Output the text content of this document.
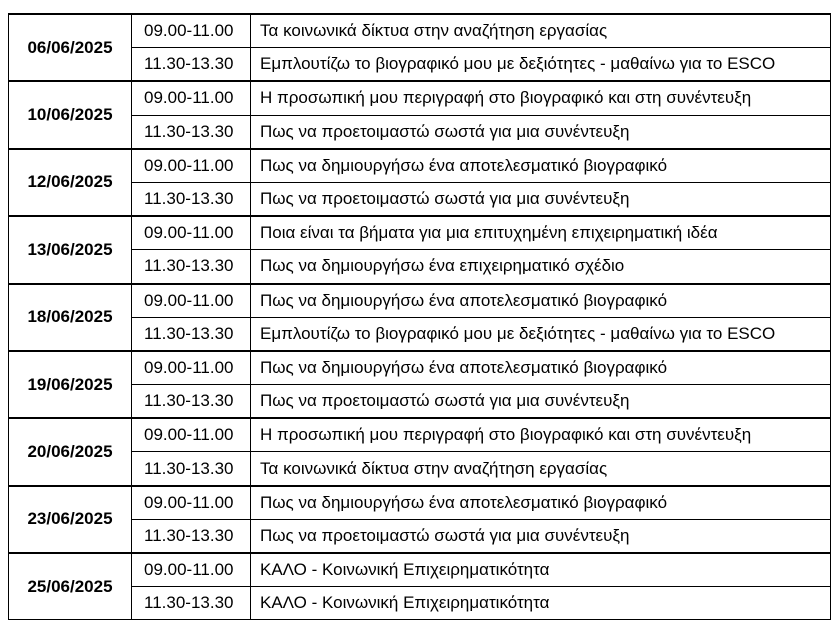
06/06/2025	09.00-11.00	Τα κοινωνικά δίκτυα στην αναζήτηση εργασίας
	11.30-13.30	Εμπλουτίζω το βιογραφικό μου με δεξιότητες - μαθαίνω για το ESCO
10/06/2025	09.00-11.00	Η προσωπική μου περιγραφή στο βιογραφικό και στη συνέντευξη
	11.30-13.30	Πως να προετοιμαστώ σωστά για μια συνέντευξη
12/06/2025	09.00-11.00	Πως να δημιουργήσω ένα αποτελεσματικό βιογραφικό
	11.30-13.30	Πως να προετοιμαστώ σωστά για μια συνέντευξη
13/06/2025	09.00-11.00	Ποια είναι τα βήματα για μια επιτυχημένη επιχειρηματική ιδέα
	11.30-13.30	Πως να δημιουργήσω ένα επιχειρηματικό σχέδιο
18/06/2025	09.00-11.00	Πως να δημιουργήσω ένα αποτελεσματικό βιογραφικό
	11.30-13.30	Εμπλουτίζω το βιογραφικό μου με δεξιότητες - μαθαίνω για το ESCO
19/06/2025	09.00-11.00	Πως να δημιουργήσω ένα αποτελεσματικό βιογραφικό
	11.30-13.30	Πως να προετοιμαστώ σωστά για μια συνέντευξη
20/06/2025	09.00-11.00	Η προσωπική μου περιγραφή στο βιογραφικό και στη συνέντευξη
	11.30-13.30	Τα κοινωνικά δίκτυα στην αναζήτηση εργασίας
23/06/2025	09.00-11.00	Πως να δημιουργήσω ένα αποτελεσματικό βιογραφικό
	11.30-13.30	Πως να προετοιμαστώ σωστά για μια συνέντευξη
25/06/2025	09.00-11.00	ΚΑΛΟ - Κοινωνική Επιχειρηματικότητα
	11.30-13.30	ΚΑΛΟ - Κοινωνική Επιχειρηματικότητα
